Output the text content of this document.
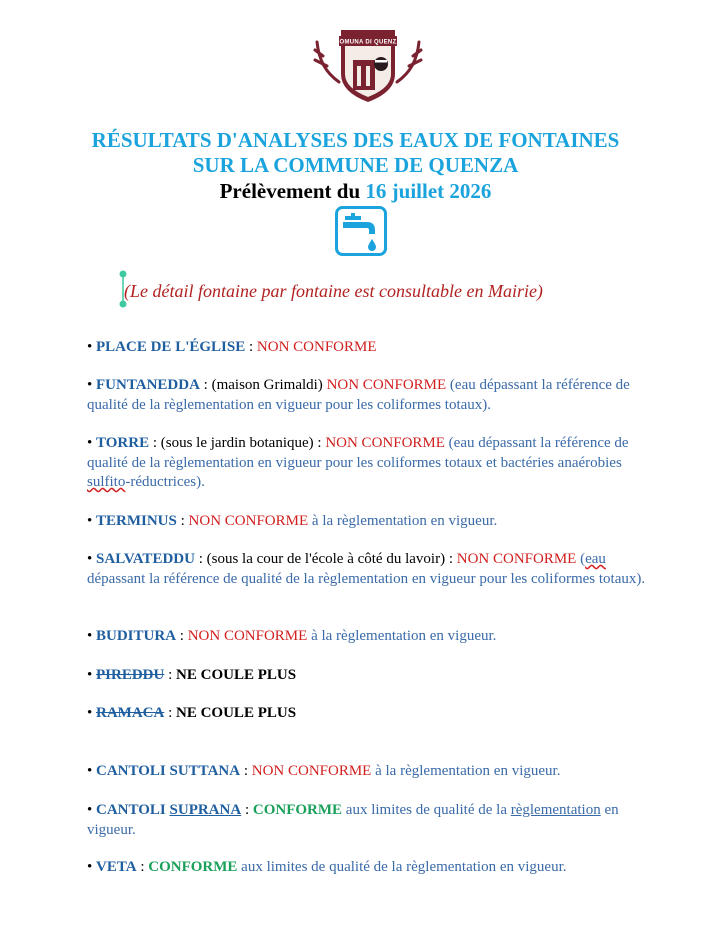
COMUNA DI QUENZA
RÉSULTATS D'ANALYSES DES EAUX DE FONTAINES
SUR LA COMMUNE DE QUENZA
Prélèvement du 16 juillet 2026
(Le détail fontaine par fontaine est consultable en Mairie)
• PLACE DE L'ÉGLISE : NON CONFORME
• FUNTANEDDA : (maison Grimaldi) NON CONFORME (eau dépassant la référence de qualité de la règlementation en vigueur pour les coliformes totaux).
• TORRE : (sous le jardin botanique) : NON CONFORME (eau dépassant la référence de qualité de la règlementation en vigueur pour les coliformes totaux et bactéries anaérobies sulfito-réductrices).
• TERMINUS : NON CONFORME à la règlementation en vigueur.
• SALVATEDDU : (sous la cour de l'école à côté du lavoir) : NON CONFORME (eau dépassant la référence de qualité de la règlementation en vigueur pour les coliformes totaux).
• BUDITURA : NON CONFORME à la règlementation en vigueur.
• PIREDDU : NE COULE PLUS
• RAMACA : NE COULE PLUS
• CANTOLI SUTTANA : NON CONFORME à la règlementation en vigueur.
• CANTOLI SUPRANA : CONFORME aux limites de qualité de la règlementation en vigueur.
• VETA : CONFORME aux limites de qualité de la règlementation en vigueur.
